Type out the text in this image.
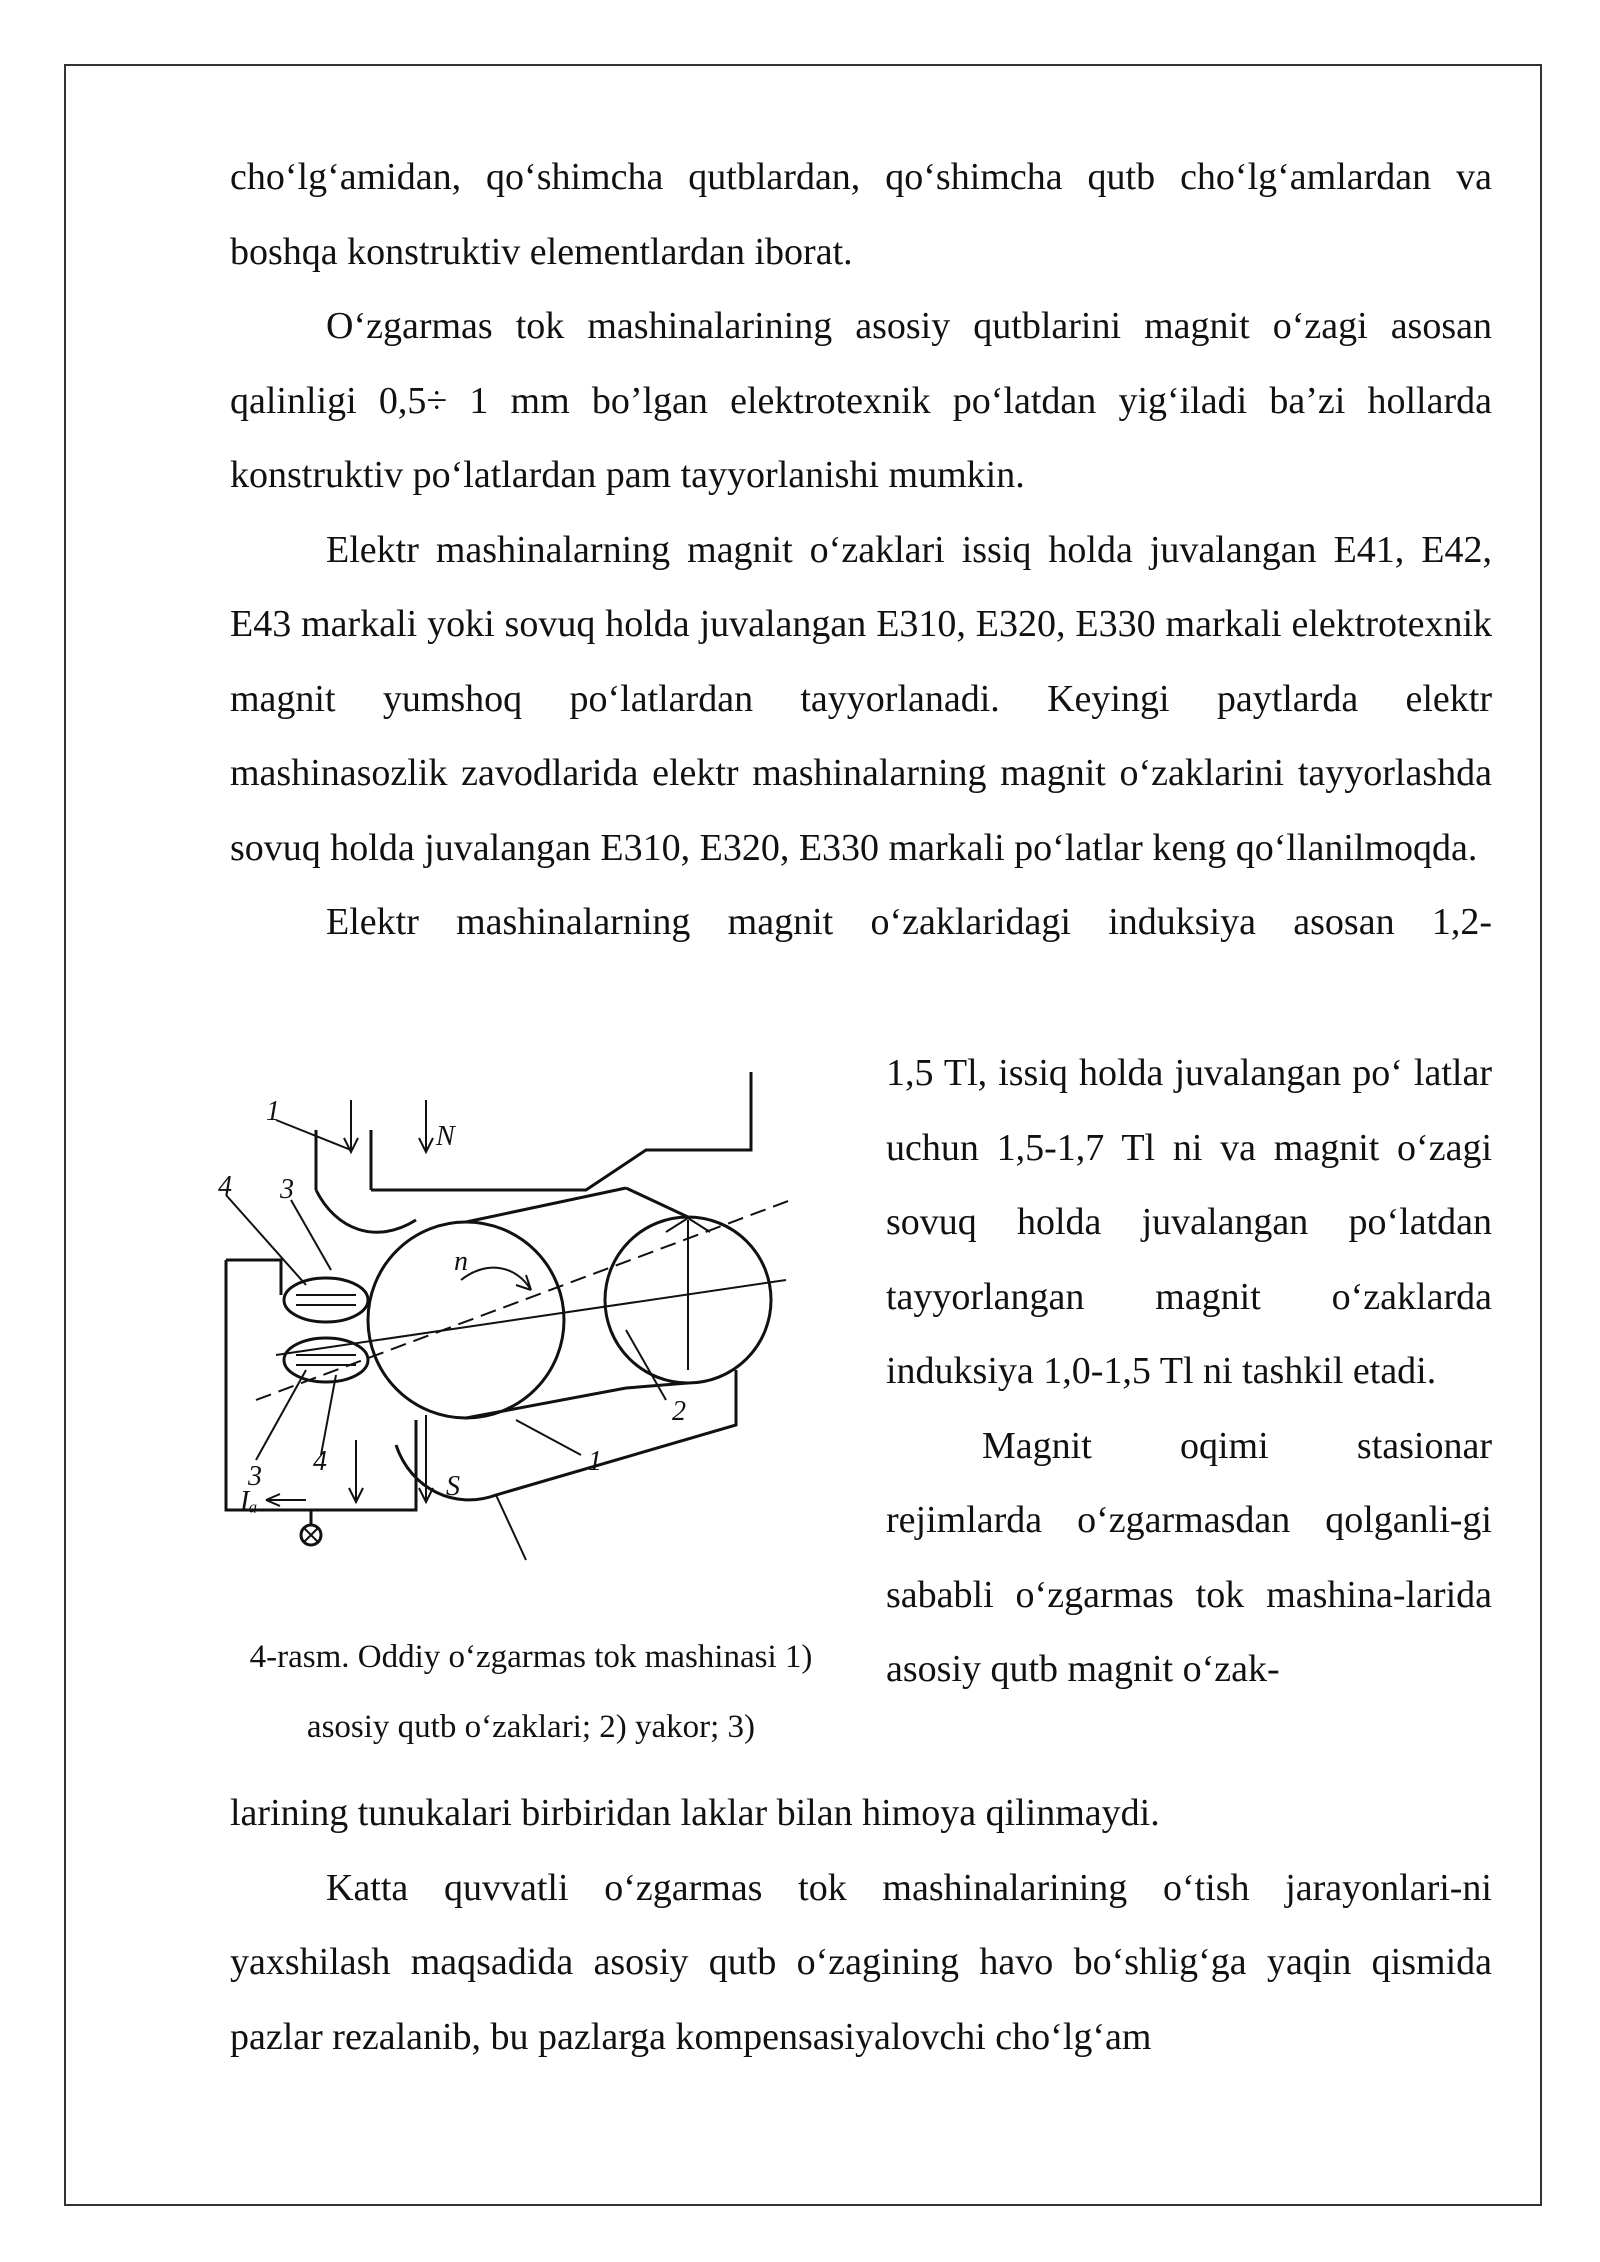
cho‘lg‘amidan, qo‘shimcha qutblardan, qo‘shimcha qutb cho‘lg‘amlardan va boshqa konstruktiv elementlardan iborat.

O‘zgarmas tok mashinalarining asosiy qutblarini magnit o‘zagi asosan qalinligi 0,5÷ 1 mm bo’lgan elektrotexnik po‘latdan yig‘iladi ba’zi hollarda konstruktiv po‘latlardan pam tayyorlanishi mumkin.

Elektr mashinalarning magnit o‘zaklari issiq holda juvalangan E41, E42, E43 markali yoki sovuq holda juvalangan E310, E320, E330 markali elektrotexnik magnit yumshoq po‘latlardan tayyorlanadi. Keyingi paytlarda elektr mashinasozlik zavodlarida elektr mashinalarning magnit o‘zaklarini tayyorlashda sovuq holda juvalangan E310, E320, E330 markali po‘latlar keng qo‘llanilmoqda.

Elektr mashinalarning magnit o‘zaklaridagi induksiya asosan 1,2-

1,5 Tl, issiq holda juvalangan po‘ latlar uchun 1,5-1,7 Tl ni va magnit o‘zagi sovuq holda juvalangan po‘latdan tayyorlangan magnit o‘zaklarda induksiya 1,0-1,5 Tl ni tashkil etadi.

Magnit oqimi stasionar rejimlarda o‘zgarmasdan qolganli-gi sababli o‘zgarmas tok mashina-larida asosiy qutb magnit o‘zak-

larining tunukalari birbiridan laklar bilan himoya qilinmaydi.

Katta quvvatli o‘zgarmas tok mashinalarining o‘tish jarayonlari-ni yaxshilash maqsadida asosiy qutb o‘zagining havo bo‘shlig‘ga yaqin qismida pazlar rezalanib, bu pazlarga kompensasiyalovchi cho‘lg‘am

1
4 3
N
n
2
1
3 4
S
Iₐ
4-rasm. Oddiy o‘zgarmas tok mashinasi 1)
asosiy qutb o‘zaklari; 2) yakor; 3)
